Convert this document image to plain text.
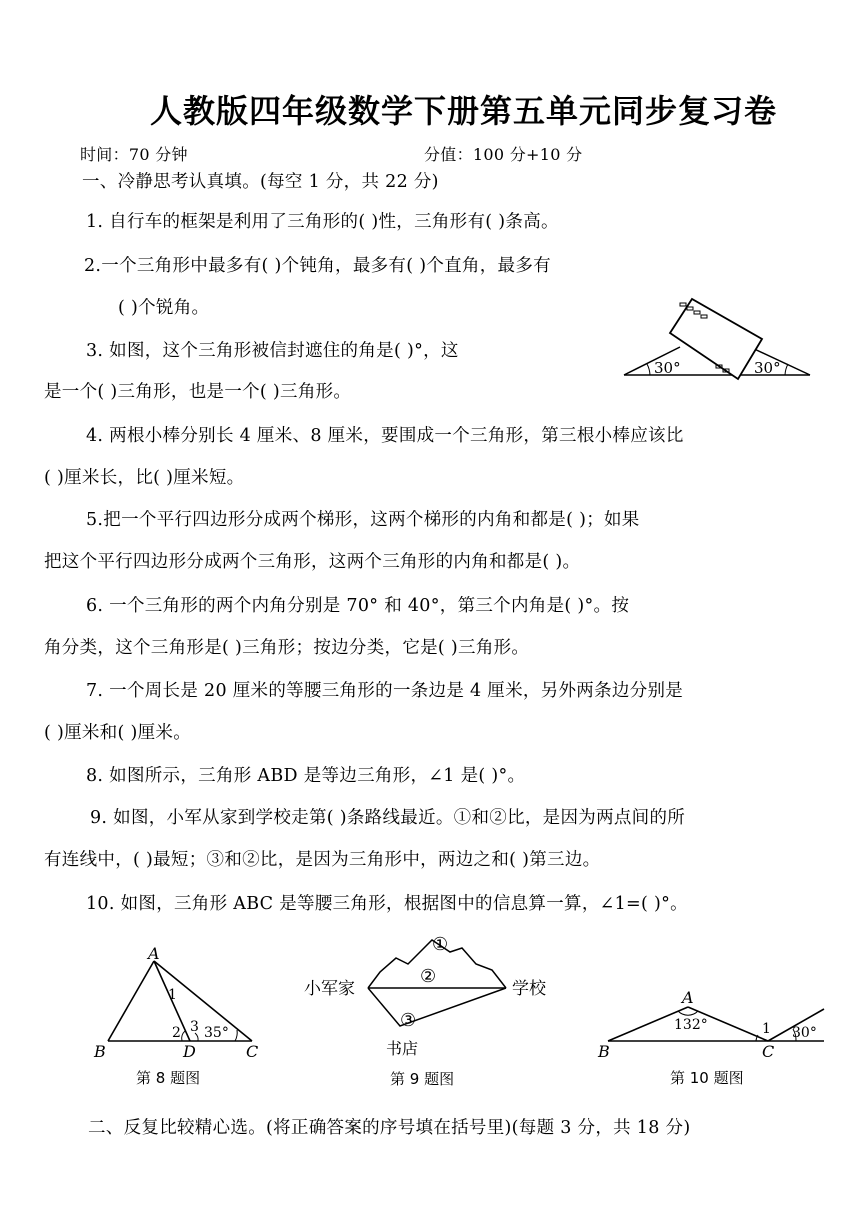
人教版四年级数学下册第五单元同步复习卷
时间：70 分钟	分值：100 分+10 分
一、冷静思考认真填。(每空 1 分，共 22 分)
1. 自行车的框架是利用了三角形的( )性，三角形有( )条高。
2.一个三角形中最多有( )个钝角，最多有( )个直角，最多有
( )个锐角。
3. 如图，这个三角形被信封遮住的角是( )°，这
是一个( )三角形，也是一个( )三角形。
30°	30°
4. 两根小棒分别长 4 厘米、8 厘米，要围成一个三角形，第三根小棒应该比
( )厘米长，比( )厘米短。
5.把一个平行四边形分成两个梯形，这两个梯形的内角和都是( )；如果
把这个平行四边形分成两个三角形，这两个三角形的内角和都是( )。
6. 一个三角形的两个内角分别是 70° 和 40°，第三个内角是( )°。按
角分类，这个三角形是( )三角形；按边分类，它是( )三角形。
7. 一个周长是 20 厘米的等腰三角形的一条边是 4 厘米，另外两条边分别是
( )厘米和( )厘米。
8. 如图所示，三角形 ABD 是等边三角形，∠1 是( )°。
9. 如图，小军从家到学校走第( )条路线最近。①和②比，是因为两点间的所
有连线中，( )最短；③和②比，是因为三角形中，两边之和( )第三边。
10. 如图，三角形 ABC 是等腰三角形，根据图中的信息算一算，∠1=( )°。
A
B	C
D
1
2 3 35°
第 8 题图
①
②
③
小军家	学校
书店
第 9 题图
A
B	C
132°	1 30°
第 10 题图
二、反复比较精心选。(将正确答案的序号填在括号里)(每题 3 分，共 18 分)
